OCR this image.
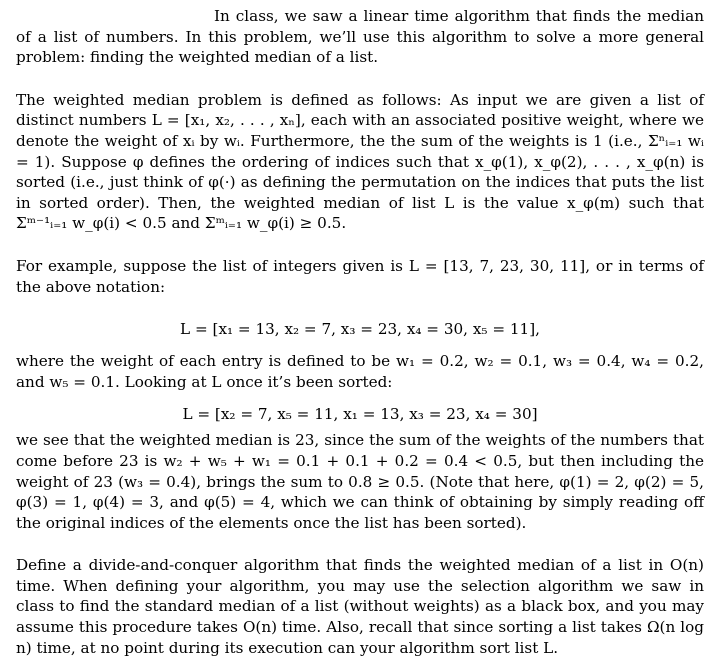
In class, we saw a linear time algorithm that finds the median of a list of numbers. In this problem, we’ll use this algorithm to solve a more general problem: finding the weighted median of a list.

The weighted median problem is defined as follows: As input we are given a list of distinct numbers L = [x₁, x₂, . . . , xₙ], each with an associated positive weight, where we denote the weight of xᵢ by wᵢ. Furthermore, the the sum of the weights is 1 (i.e., Σⁿᵢ₌₁ wᵢ = 1). Suppose φ defines the ordering of indices such that x_φ(1), x_φ(2), . . . , x_φ(n) is sorted (i.e., just think of φ(·) as defining the permutation on the indices that puts the list in sorted order). Then, the weighted median of list L is the value x_φ(m) such that Σᵐ⁻¹ᵢ₌₁ w_φ(i) < 0.5 and Σᵐᵢ₌₁ w_φ(i) ≥ 0.5.

For example, suppose the list of integers given is L = [13, 7, 23, 30, 11], or in terms of the above notation:

L = [x₁ = 13, x₂ = 7, x₃ = 23, x₄ = 30, x₅ = 11],

where the weight of each entry is defined to be w₁ = 0.2, w₂ = 0.1, w₃ = 0.4, w₄ = 0.2, and w₅ = 0.1. Looking at L once it’s been sorted:

L = [x₂ = 7, x₅ = 11, x₁ = 13, x₃ = 23, x₄ = 30]

we see that the weighted median is 23, since the sum of the weights of the numbers that come before 23 is w₂ + w₅ + w₁ = 0.1 + 0.1 + 0.2 = 0.4 < 0.5, but then including the weight of 23 (w₃ = 0.4), brings the sum to 0.8 ≥ 0.5. (Note that here, φ(1) = 2, φ(2) = 5, φ(3) = 1, φ(4) = 3, and φ(5) = 4, which we can think of obtaining by simply reading off the original indices of the elements once the list has been sorted).

Define a divide-and-conquer algorithm that finds the weighted median of a list in O(n) time. When defining your algorithm, you may use the selection algorithm we saw in class to find the standard median of a list (without weights) as a black box, and you may assume this procedure takes O(n) time. Also, recall that since sorting a list takes Ω(n log n) time, at no point during its execution can your algorithm sort list L.
